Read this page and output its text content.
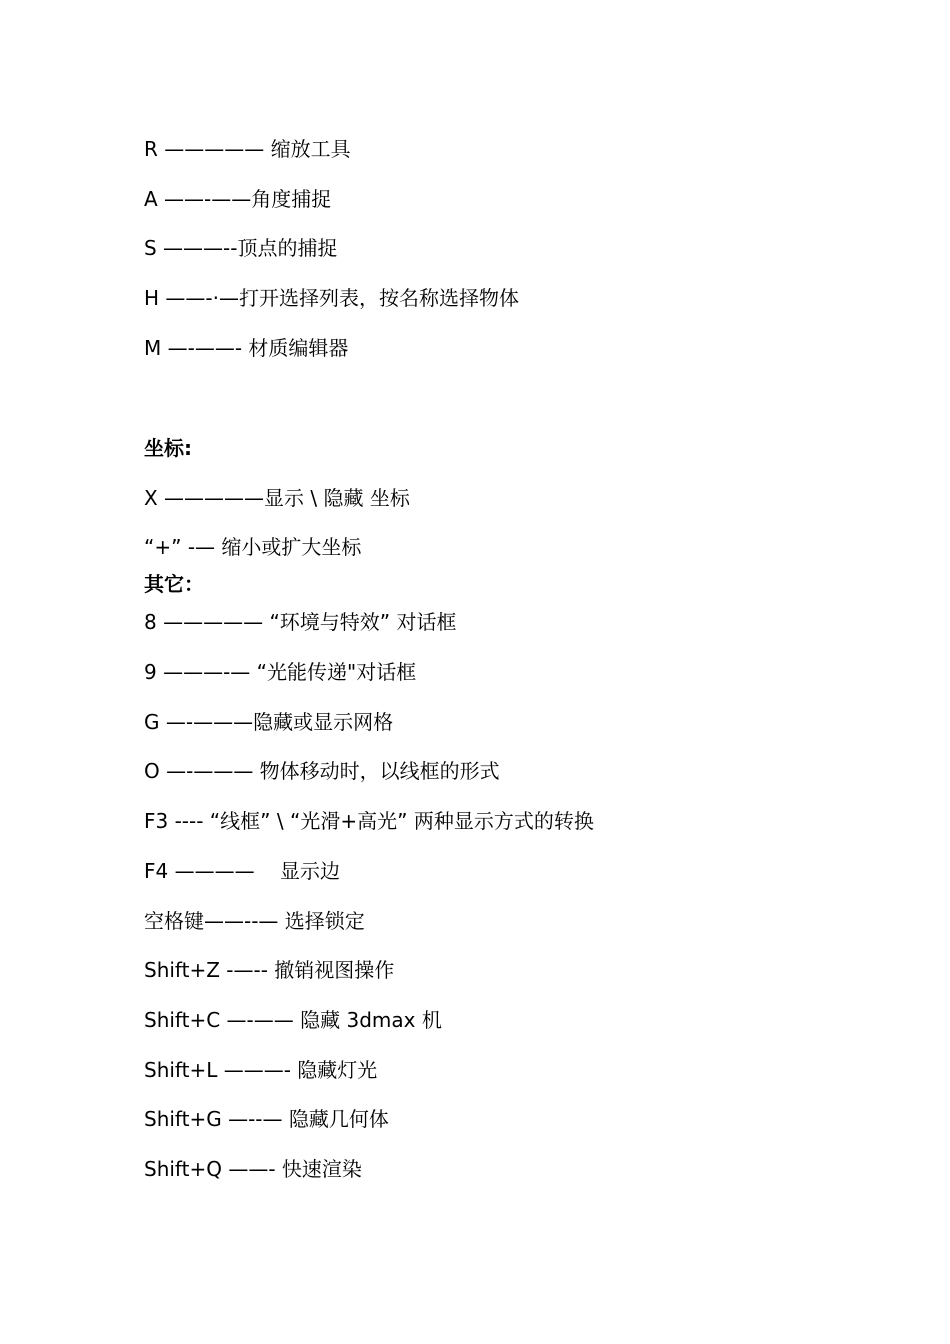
R ————— 缩放工具
A ——-——角度捕捉
S ———--顶点的捕捉
H ——-·—打开选择列表，按名称选择物体
M —-——- 材质编辑器
坐标:
X —————显示 \ 隐藏 坐标
“+” -— 缩小或扩大坐标
其它：
8 ————— “环境与特效” 对话框
9 ———-— “光能传递"对话框
G —-———隐藏或显示网格
O —-——— 物体移动时，以线框的形式
F3 ---- “线框” \ “光滑+高光” 两种显示方式的转换
F4 ————    显示边
空格键——--— 选择锁定
Shift+Z -—-- 撤销视图操作
Shift+C —-—— 隐藏 3dmax 机
Shift+L ———- 隐藏灯光
Shift+G —--— 隐藏几何体
Shift+Q ——- 快速渲染
